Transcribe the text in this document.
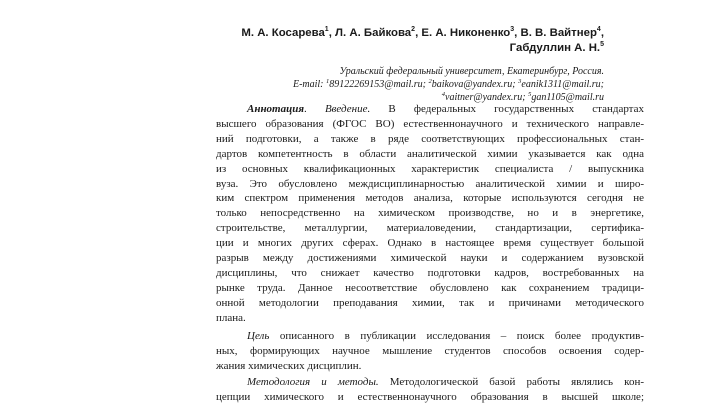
М. А. Косарева$^1$, Л. А. Байкова$^2$, Е. А. Никоненко$^3$, В. В. Вайтнер$^4$,
Габдуллин А. Н.$^5$
Уральский федеральный университет, Екатеринбург, Россия.
E-mail: $^1$89122269153@mail.ru; $^2$baikova@yandex.ru; $^3$eanik1311@mail.ru;
$^4$vaitner@yandex.ru; $^5$gan1105@mail.ru
Аннотация. Введение. В федеральных государственных стандартах
высшего образования (ФГОС ВО) естественнонаучного и технического направле-
ний подготовки, а также в ряде соответствующих профессиональных стан-
дартов компетентность в области аналитической химии указывается как одна
из основных квалификационных характеристик специалиста / выпускника
вуза. Это обусловлено междисциплинарностью аналитической химии и широ-
ким спектром применения методов анализа, которые используются сегодня не
только непосредственно на химическом производстве, но и в энергетике,
строительстве, металлургии, материаловедении, стандартизации, сертифика-
ции и многих других сферах. Однако в настоящее время существует большой
разрыв между достижениями химической науки и содержанием вузовской
дисциплины, что снижает качество подготовки кадров, востребованных на
рынке труда. Данное несоответствие обусловлено как сохранением традици-
онной методологии преподавания химии, так и причинами методического
плана.
Цель описанного в публикации исследования – поиск более продуктив-
ных, формирующих научное мышление студентов способов освоения содер-
жания химических дисциплин.
Методология и методы. Методологической базой работы являлись кон-
цепции химического и естественнонаучного образования в высшей школе;
